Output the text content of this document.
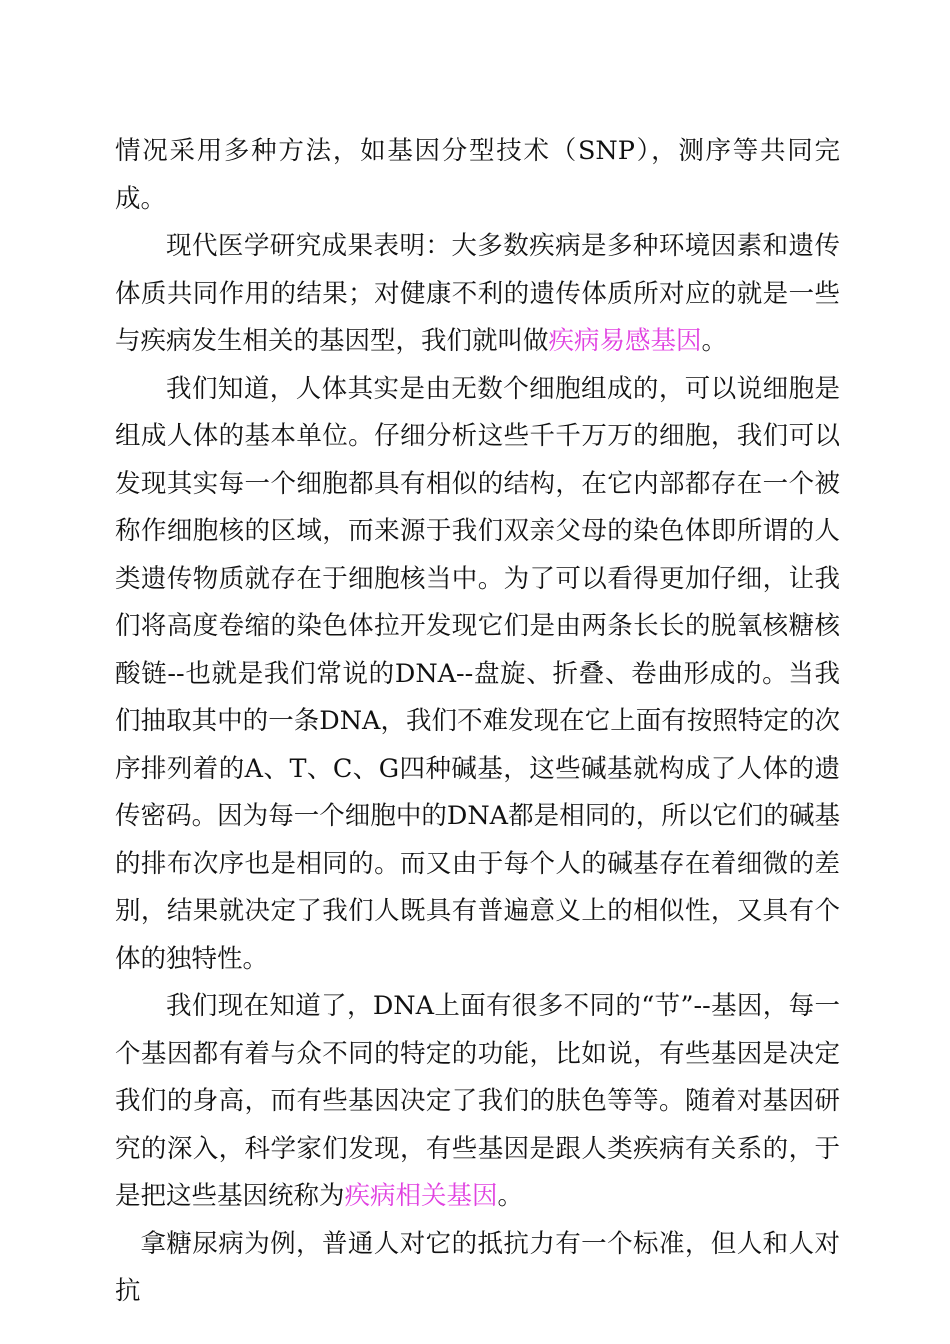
情况采用多种方法，如基因分型技术（SNP），测序等共同完成。

现代医学研究成果表明：大多数疾病是多种环境因素和遗传体质共同作用的结果；对健康不利的遗传体质所对应的就是一些与疾病发生相关的基因型，我们就叫做疾病易感基因。

我们知道，人体其实是由无数个细胞组成的，可以说细胞是组成人体的基本单位。仔细分析这些千千万万的细胞，我们可以发现其实每一个细胞都具有相似的结构，在它内部都存在一个被称作细胞核的区域，而来源于我们双亲父母的染色体即所谓的人类遗传物质就存在于细胞核当中。为了可以看得更加仔细，让我们将高度卷缩的染色体拉开发现它们是由两条长长的脱氧核糖核酸链--也就是我们常说的DNA--盘旋、折叠、卷曲形成的。当我们抽取其中的一条DNA，我们不难发现在它上面有按照特定的次序排列着的A、T、C、G四种碱基，这些碱基就构成了人体的遗传密码。因为每一个细胞中的DNA都是相同的，所以它们的碱基的排布次序也是相同的。而又由于每个人的碱基存在着细微的差别，结果就决定了我们人既具有普遍意义上的相似性，又具有个体的独特性。

我们现在知道了，DNA上面有很多不同的“节”--基因，每一个基因都有着与众不同的特定的功能，比如说，有些基因是决定我们的身高，而有些基因决定了我们的肤色等等。随着对基因研究的深入，科学家们发现，有些基因是跟人类疾病有关系的，于是把这些基因统称为疾病相关基因。

拿糖尿病为例，普通人对它的抵抗力有一个标准，但人和人对抗
